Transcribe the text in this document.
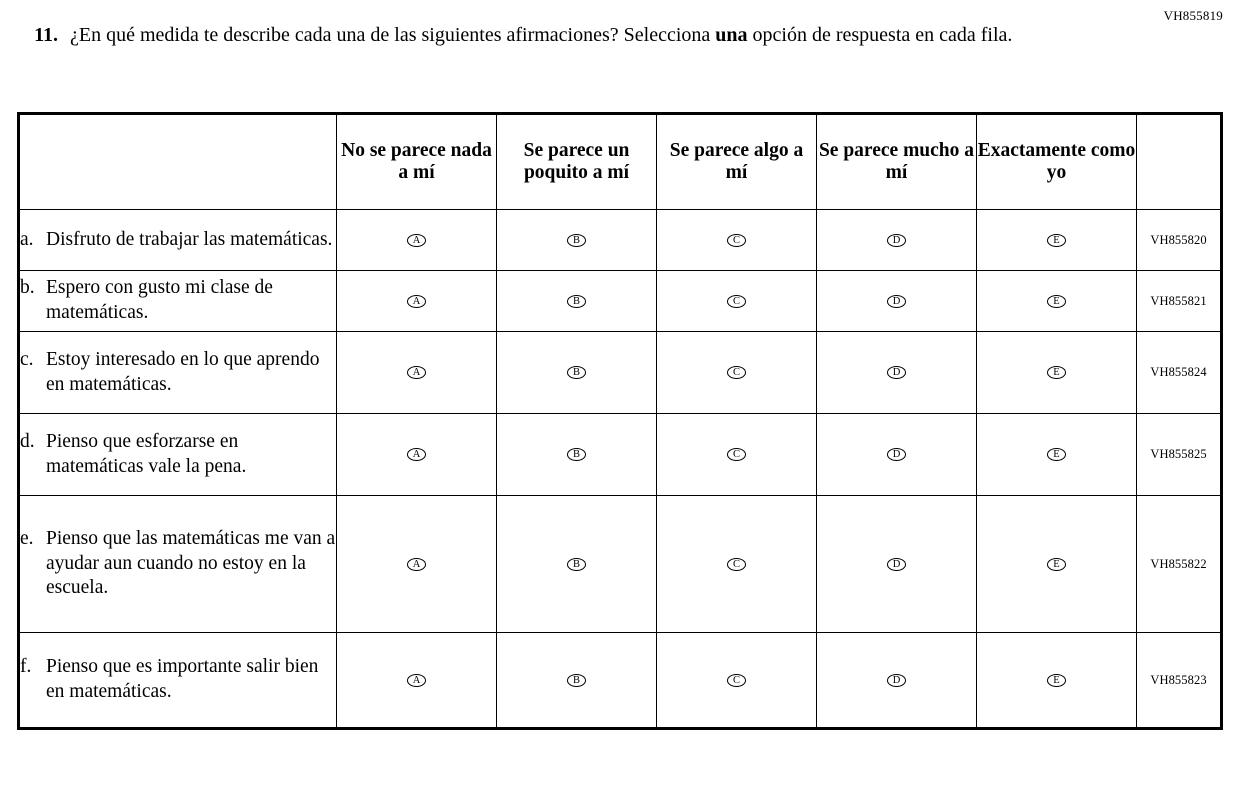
VH855819
11. ¿En qué medida te describe cada una de las siguientes afirmaciones? Selecciona una opción de respuesta en cada fila.
	No se parece nada a mí	Se parece un poquito a mí	Se parece algo a mí	Se parece mucho a mí	Exactamente como yo	

a. Disfruto de trabajar las matemáticas.	A	B	C	D	E	VH855820

b. Espero con gusto mi clase de matemáticas.	A	B	C	D	E	VH855821

c. Estoy interesado en lo que aprendo en matemáticas.	A	B	C	D	E	VH855824

d. Pienso que esforzarse en matemáticas vale la pena.	A	B	C	D	E	VH855825

e. Pienso que las matemáticas me van a ayudar aun cuando no estoy en la escuela.	A	B	C	D	E	VH855822

f. Pienso que es importante salir bien en matemáticas.	A	B	C	D	E	VH855823
